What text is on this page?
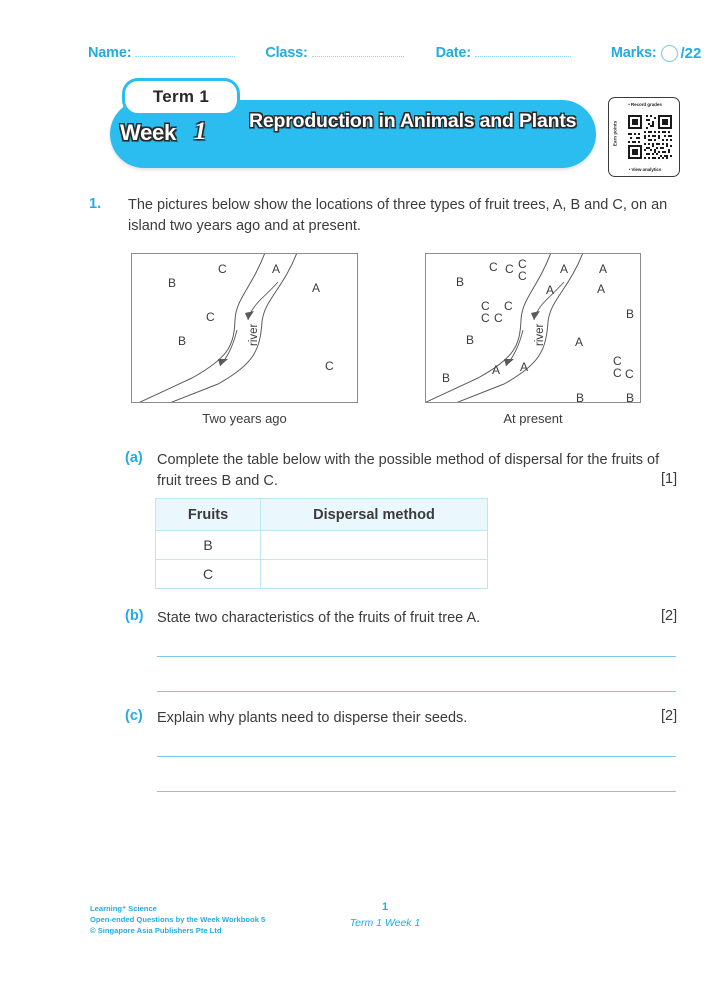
Name:	Class:	Date:	Marks: /22
Term 1
Week 1 Reproduction in Animals and Plants
• Record grades
Earn points
• View analytics
1. The pictures below show the locations of three types of fruit trees, A, B and C, on an island two years ago and at present.
river
C	A
B	A
C
B
C
Two years ago
river
C C C
C	A	A
B
A	A
C C
C C	B
B	A
C
C C
B
A A
B	B
At present
(a) Complete the table below with the possible method of dispersal for the fruits of fruit trees B and C.	[1]
Fruits	Dispersal method
B	
C	
(b) State two characteristics of the fruits of fruit tree A.	[2]
(c) Explain why plants need to disperse their seeds.	[2]
Learning⁺ Science
Open-ended Questions by the Week Workbook 5
© Singapore Asia Publishers Pte Ltd
1
Term 1 Week 1
